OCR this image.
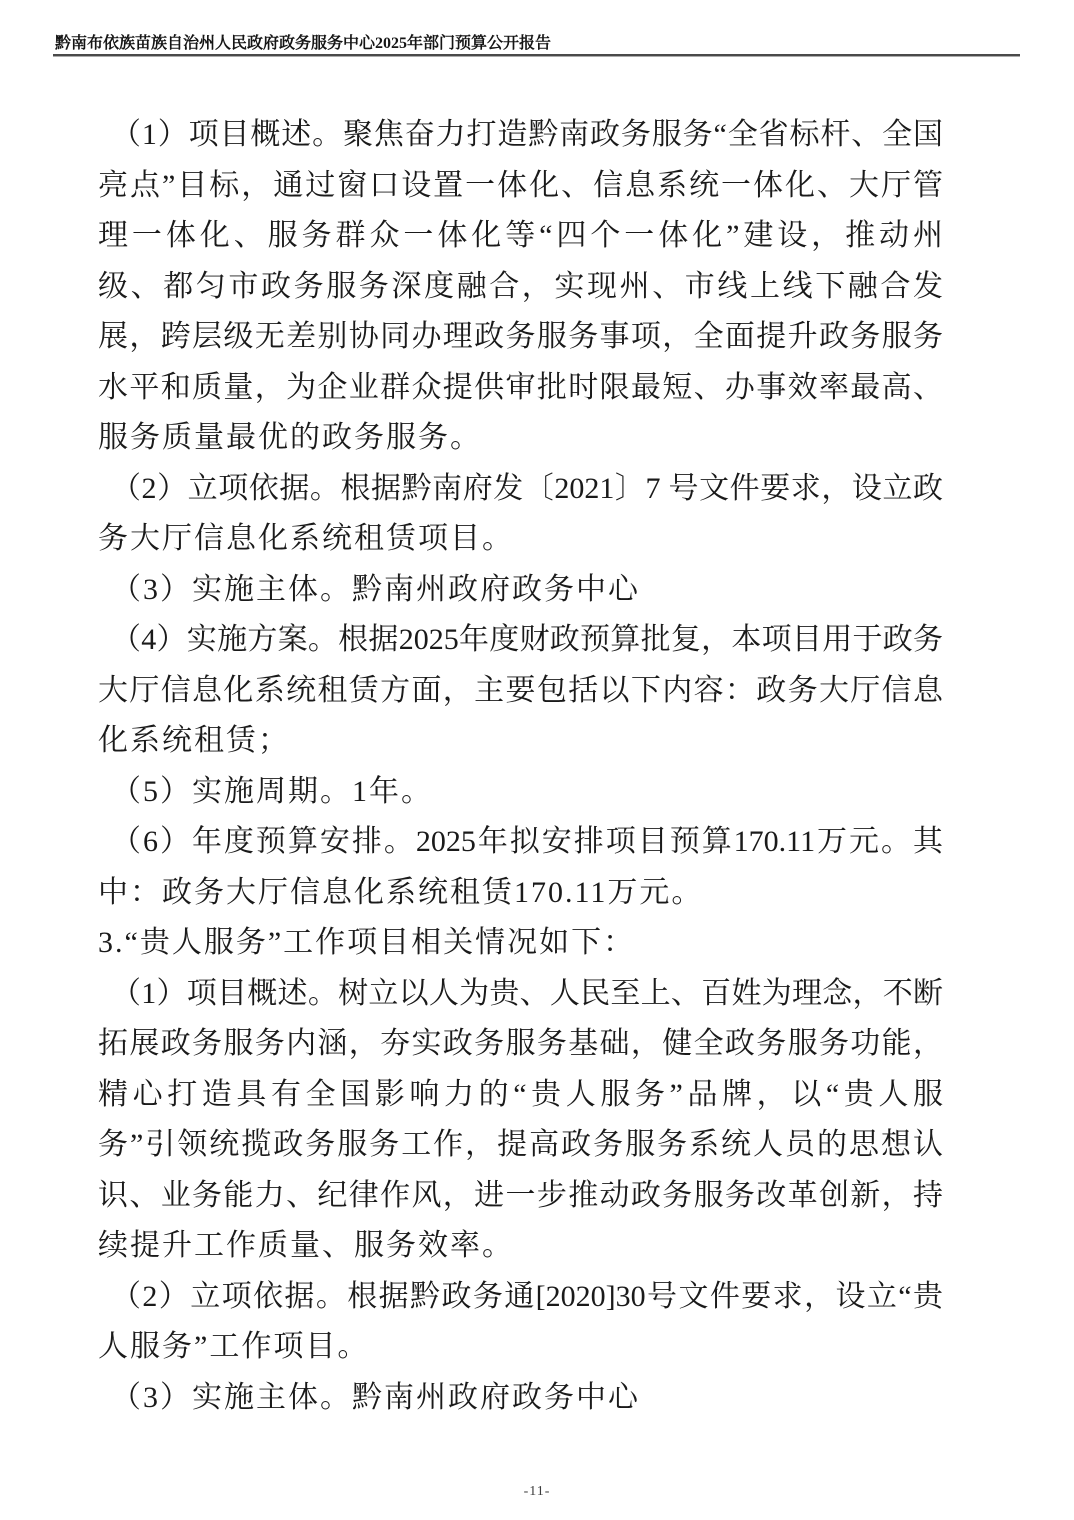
黔南布依族苗族自治州人民政府政务服务中心2025年部门预算公开报告
（1）项目概述。聚焦奋力打造黔南政务服务“全省标杆、全国
亮点”目标，通过窗口设置一体化、信息系统一体化、大厅管
理一体化、服务群众一体化等“四个一体化”建设，推动州
级、都匀市政务服务深度融合，实现州、市线上线下融合发
展，跨层级无差别协同办理政务服务事项，全面提升政务服务
水平和质量，为企业群众提供审批时限最短、办事效率最高、
服务质量最优的政务服务。
（2）立项依据。根据黔南府发〔2021〕7 号文件要求，设立政
务大厅信息化系统租赁项目。
（3）实施主体。黔南州政府政务中心
（4）实施方案。根据2025年度财政预算批复，本项目用于政务
大厅信息化系统租赁方面，主要包括以下内容：政务大厅信息
化系统租赁；
（5）实施周期。1年。
（6）年度预算安排。2025年拟安排项目预算170.11万元。其
中：政务大厅信息化系统租赁170.11万元。
3.“贵人服务”工作项目相关情况如下：
（1）项目概述。树立以人为贵、人民至上、百姓为理念，不断
拓展政务服务内涵，夯实政务服务基础，健全政务服务功能，
精心打造具有全国影响力的“贵人服务”品牌，以“贵人服
务”引领统揽政务服务工作，提高政务服务系统人员的思想认
识、业务能力、纪律作风，进一步推动政务服务改革创新，持
续提升工作质量、服务效率。
（2）立项依据。根据黔政务通[2020]30号文件要求，设立“贵
人服务”工作项目。
（3）实施主体。黔南州政府政务中心
-11-
